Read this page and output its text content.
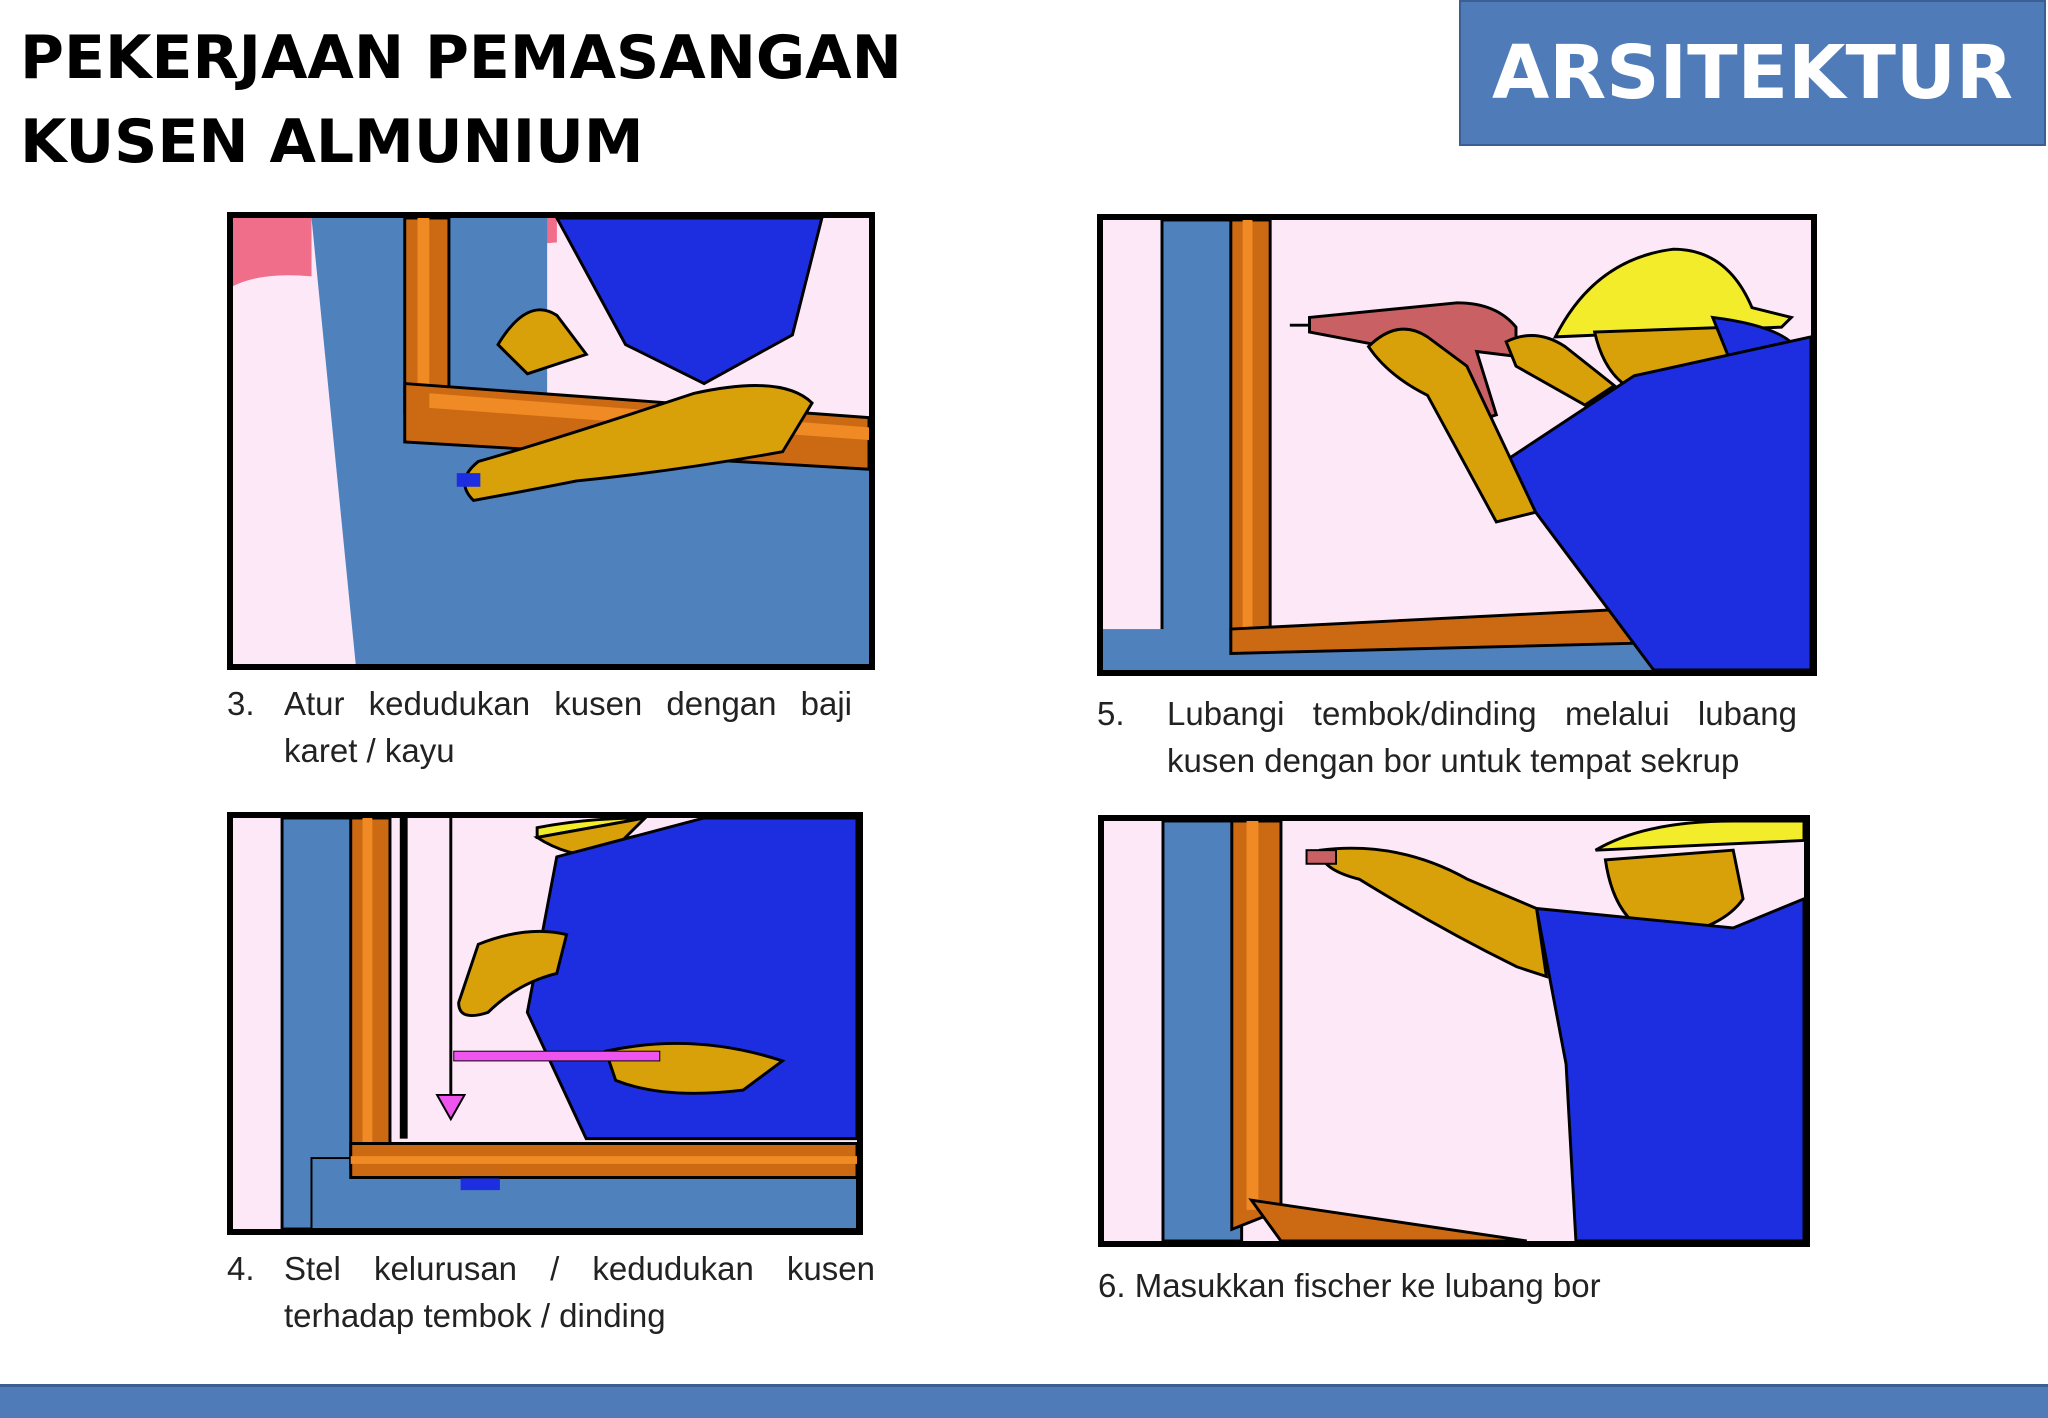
PEKERJAAN PEMASANGAN KUSEN ALMUNIUM
ARSITEKTUR
3. Atur kedudukan kusen dengan baji karet / kayu
5.	Lubangi tembok/dinding melalui lubang kusen dengan bor untuk tempat sekrup
4. Stel kelurusan / kedudukan kusen terhadap tembok / dinding
6. Masukkan fischer ke lubang bor
